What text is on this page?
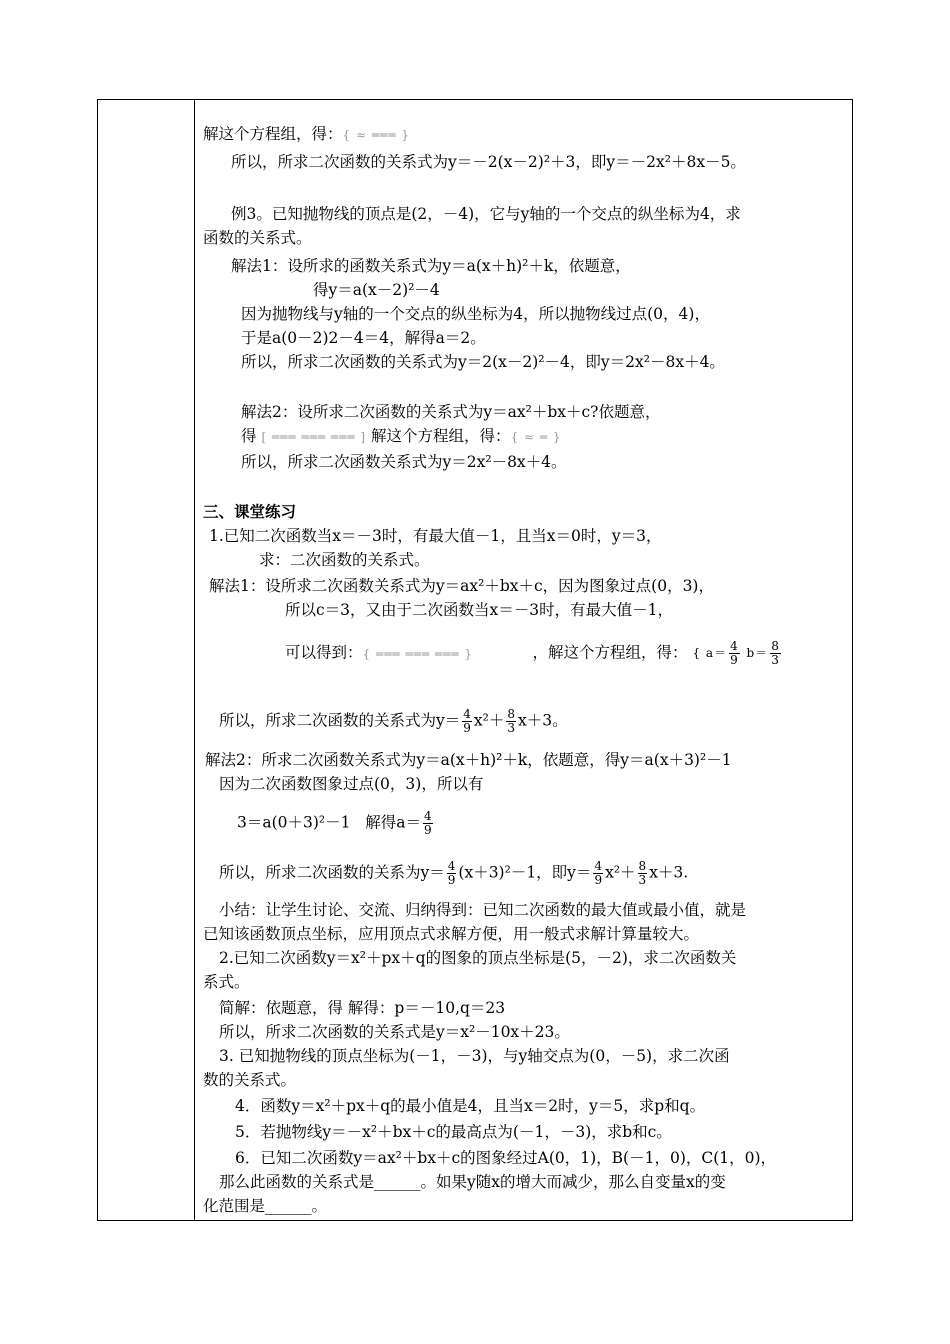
解这个方程组，得：{ ≈ ═══ }
所以，所求二次函数的关系式为y＝－2(x－2)²＋3，即y＝－2x²＋8x－5。
例3。已知抛物线的顶点是(2，－4)，它与y轴的一个交点的纵坐标为4，求
函数的关系式。
解法1：设所求的函数关系式为y＝a(x＋h)²＋k，依题意，
得y＝a(x－2)²－4
因为抛物线与y轴的一个交点的纵坐标为4，所以抛物线过点(0，4)，
于是a(0－2)2－4＝4，解得a＝2。
所以，所求二次函数的关系式为y＝2(x－2)²－4，即y＝2x²－8x＋4。
解法2：设所求二次函数的关系式为y＝ax²＋bx＋c?依题意，
得 [ ═══ ═══ ═══ ] 解这个方程组，得：{ ≈ ═ }
所以，所求二次函数关系式为y＝2x²－8x＋4。
三、课堂练习
1.已知二次函数当x＝－3时，有最大值－1，且当x＝0时，y＝3，
求：二次函数的关系式。
解法1：设所求二次函数关系式为y＝ax²＋bx＋c，因为图象过点(0，3)，
所以c＝3，又由于二次函数当x＝－3时，有最大值－1，
可以得到：{ ═══ ═══ ═══ }	，解这个方程组，得： { $a= \frac{4}{9} b= \frac{8}{3}$
所以，所求二次函数的关系式为$y= \frac{4}{9} x^2+ \frac{8}{3} x+3$。
解法2：所求二次函数关系式为y＝a(x＋h)²＋k，依题意，得y＝a(x＋3)²－1
因为二次函数图象过点(0，3)，所以有
3＝a(0＋3)²－1 解得$a= \frac{4}{9}$
所以，所求二次函数的关系为$y= \frac{4}{9} (x+3)^2-1$，即$y= \frac{4}{9} x^2+ \frac{8}{3} x+3$.
小结：让学生讨论、交流、归纳得到：已知二次函数的最大值或最小值，就是
已知该函数顶点坐标，应用顶点式求解方便，用一般式求解计算量较大。
2.已知二次函数y＝x²＋px＋q的图象的顶点坐标是(5，－2)，求二次函数关
系式。
简解：依题意，得 解得：p＝－10,q＝23
所以，所求二次函数的关系式是y＝x²－10x＋23。
3. 已知抛物线的顶点坐标为(－1，－3)，与y轴交点为(0，－5)，求二次函
数的关系式。
4．函数y＝x²＋px＋q的最小值是4，且当x＝2时，y＝5，求p和q。
5．若抛物线y＝－x²＋bx＋c的最高点为(－1，－3)，求b和c。
6．已知二次函数y＝ax²＋bx＋c的图象经过A(0，1)，B(－1，0)，C(1，0)，
那么此函数的关系式是______。如果y随x的增大而减少，那么自变量x的变
化范围是______。
